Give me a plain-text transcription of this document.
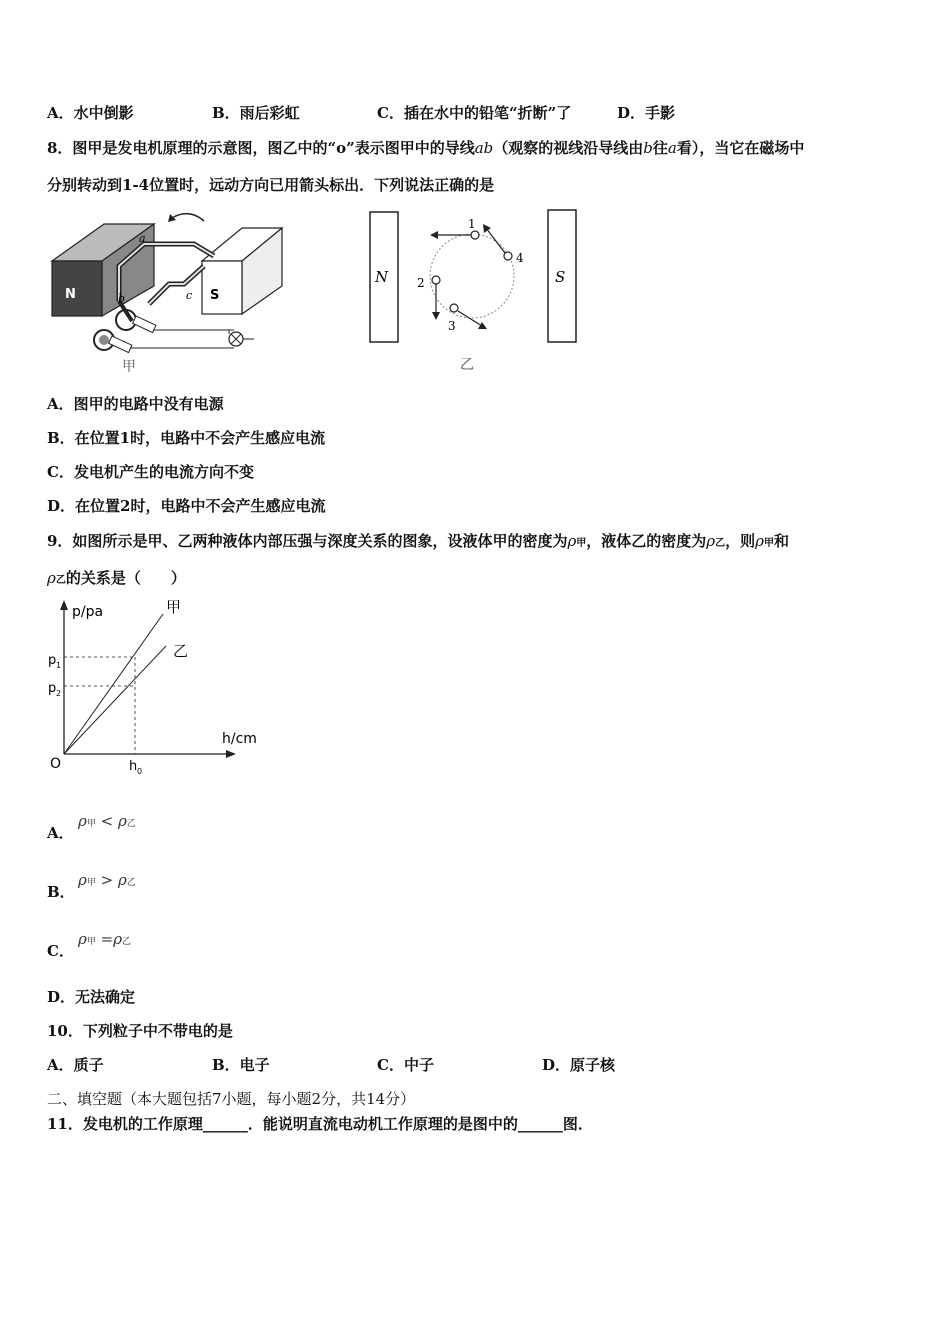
A．水中倒影	B．雨后彩虹	C．插在水中的铅笔“折断”了	D．手影
8．图甲是发电机原理的示意图，图乙中的“o”表示图甲中的导线ab（观察的视线沿导线由b往a看），当它在磁场中
分别转动到1-4位置时，远动方向已用箭头标出．下列说法正确的是
N	S
a
b	c
甲
N	S
1
4
2
3
乙
A．图甲的电路中没有电源
B．在位置1时，电路中不会产生感应电流
C．发电机产生的电流方向不变
D．在位置2时，电路中不会产生感应电流
9．如图所示是甲、乙两种液体内部压强与深度关系的图象，设液体甲的密度为ρ甲，液体乙的密度为ρ乙，则ρ甲和
ρ乙的关系是（　　）
p/pa
h/cm
O
甲
乙
p 1
p 2
h 0
A．
ρ甲 < ρ乙
B．
ρ甲 > ρ乙
C．
ρ甲 =ρ乙
D．无法确定
10．下列粒子中不带电的是
A．质子	B．电子	C．中子	D．原子核
二、填空题（本大题包括7小题，每小题2分，共14分）
11．发电机的工作原理______．能说明直流电动机工作原理的是图中的______图．
